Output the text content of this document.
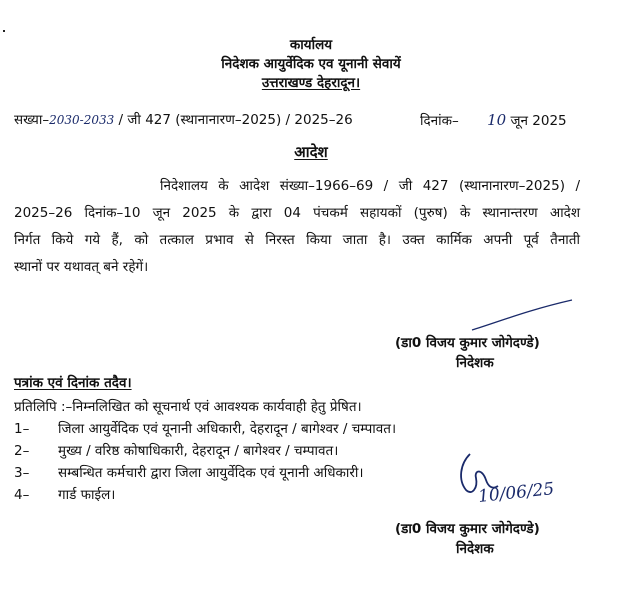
कार्यालय
निदेशक आयुर्वेदिक एव यूनानी सेवायें
उत्तराखण्ड देहरादून।
सख्या–2030-2033 / जी 427 (स्थानानारण–2025) / 2025–26	दिनांक– 10 जून 2025
आदेश
निदेशालय के आदेश संख्या–1966–69 / जी 427 (स्थानानारण–2025) /
2025–26 दिनांक–10 जून 2025 के द्वारा 04 पंचकर्म सहायकों (पुरुष) के स्थानान्तरण आदेश
निर्गत किये गये हैं, को तत्काल प्रभाव से निरस्त किया जाता है। उक्त कार्मिक अपनी पूर्व तैनाती
स्थानों पर यथावत् बने रहेगें।
(डा0 विजय कुमार जोगेदण्डे)
निदेशक
पत्रांक एवं दिनांक तदैव।
प्रतिलिपि :–निम्नलिखित को सूचनार्थ एवं आवश्यक कार्यवाही हेतु प्रेषित।
1– जिला आयुर्वेदिक एवं यूनानी अधिकारी, देहरादून / बागेश्वर / चम्पावत।
2– मुख्य / वरिष्ठ कोषाधिकारी, देहरादून / बागेश्वर / चम्पावत।
3– सम्बन्धित कर्मचारी द्वारा जिला आयुर्वेदिक एवं यूनानी अधिकारी।
4– गार्ड फाईल।	10/06/25
(डा0 विजय कुमार जोगेदण्डे)
निदेशक
